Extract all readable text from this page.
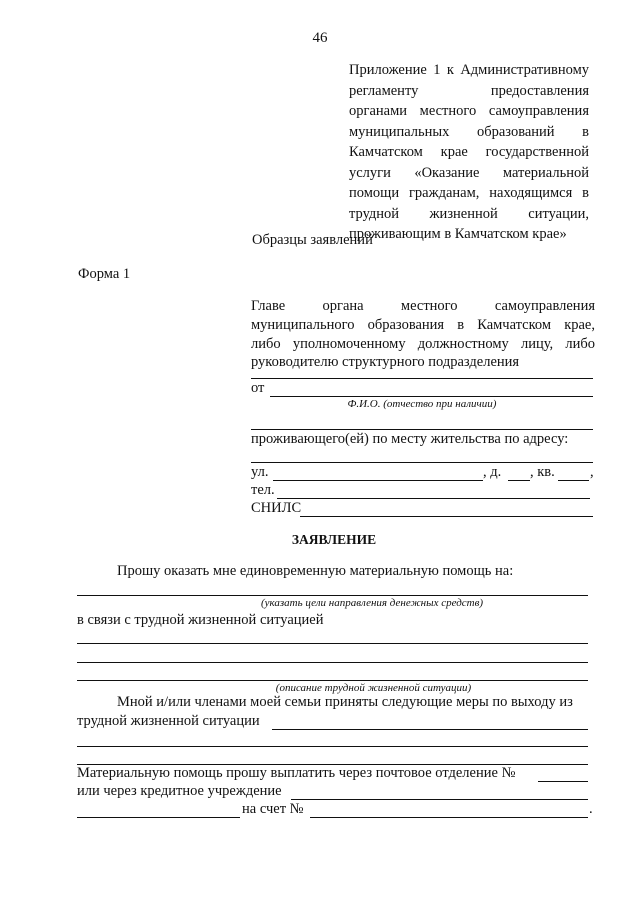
46
Приложение 1 к Административному
регламенту предоставления
органами местного самоуправления
муниципальных образований в
Камчатском крае государственной
услуги «Оказание материальной
помощи гражданам, находящимся в
трудной жизненной ситуации,
проживающим в Камчатском крае»
Образцы заявлений
Форма 1
Главе органа местного самоуправления
муниципального образования в Камчатском крае,
либо уполномоченному должностному лицу, либо
руководителю структурного подразделения
от
Ф.И.О. (отчество при наличии)
проживающего(ей) по месту жительства по адресу:
ул.	, д. , кв. ,
тел.
СНИЛС
ЗАЯВЛЕНИЕ
Прошу оказать мне единовременную материальную помощь на:
(указать цели направления денежных средств)
в связи с трудной жизненной ситуацией
(описание трудной жизненной ситуации)
Мной и/или членами моей семьи приняты следующие меры по выходу из
трудной жизненной ситуации
Материальную помощь прошу выплатить через почтовое отделение №
или через кредитное учреждение
на счет №	.
